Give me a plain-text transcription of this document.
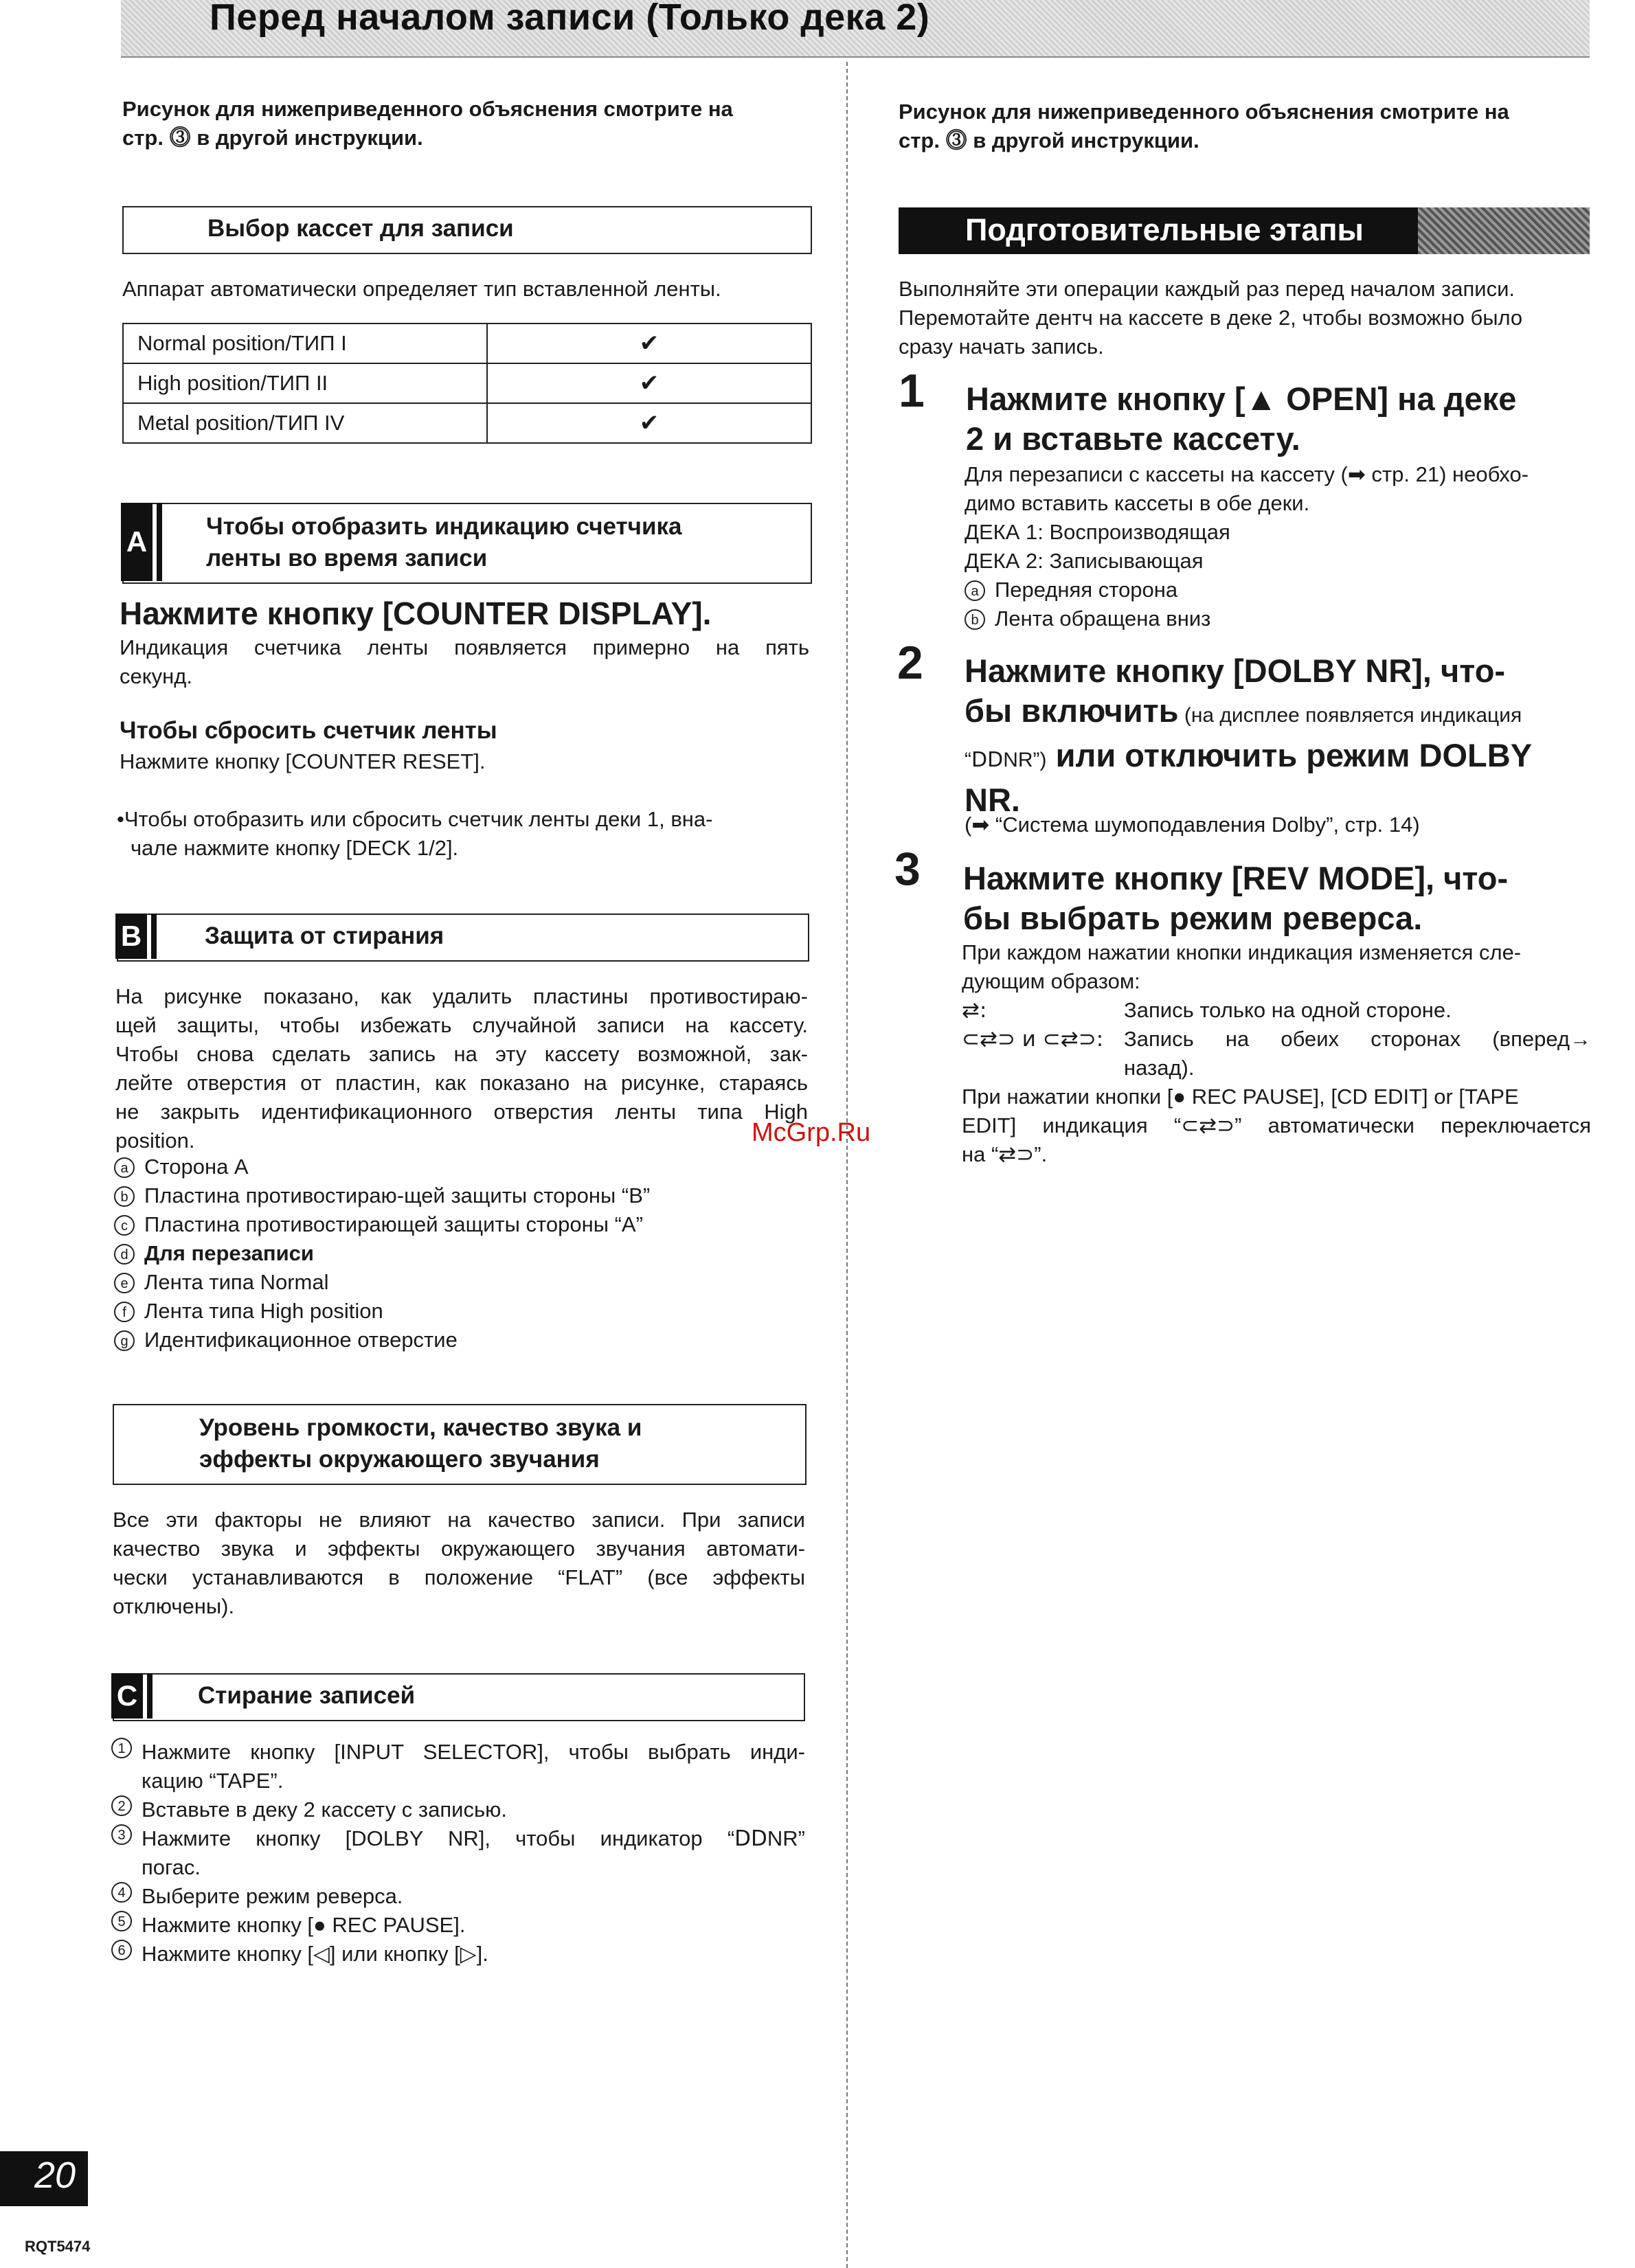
Перед началом записи (Только дека 2)
Рисунок для нижеприведенного объяснения смотрите на
стр. ⓷ в другой инструкции.
Выбор кассет для записи
Аппарат автоматически определяет тип вставленной ленты.
Normal position/ТИП I	✔
High position/ТИП II	✔
Metal position/ТИП IV	✔
A Чтобы отобразить индикацию счетчика
ленты во время записи
Нажмите кнопку [COUNTER DISPLAY].
Индикация счетчика ленты появляется примерно на пять
секунд.
Чтобы сбросить счетчик ленты
Нажмите кнопку [COUNTER RESET].
•Чтобы отобразить или сбросить счетчик ленты деки 1, вна-
чале нажмите кнопку [DECK 1/2].
B	Защита от стирания
На рисунке показано, как удалить пластины противостираю-
щей защиты, чтобы избежать случайной записи на кассету.
Чтобы снова сделать запись на эту кассету возможной, зак-
лейте отверстия от пластин, как показано на рисунке, стараясь
не закрыть идентификационного отверстия ленты типа High
position.
a Сторона A
b Пластина противостираю-щей защиты стороны “B”
c Пластина противостирающей защиты стороны “A”
d Для перезаписи
e Лента типа Normal
f Лента типа High position
g Идентификационное отверстие
Уровень громкости, качество звука и
эффекты окружающего звучания
Все эти факторы не влияют на качество записи. При записи
качество звука и эффекты окружающего звучания автомати-
чески устанавливаются в положение “FLAT” (все эффекты
отключены).
C	Стирание записей
1 Нажмите кнопку [INPUT SELECTOR], чтобы выбрать инди-
кацию “TAPE”.
2 Вставьте в деку 2 кассету с записью.
3 Нажмите кнопку [DOLBY NR], чтобы индикатор “ⅮⅮNR”
погас.
4 Выберите режим реверса.
5 Нажмите кнопку [● REC PAUSE].
6 Нажмите кнопку [◁] или кнопку [▷].
Рисунок для нижеприведенного объяснения смотрите на
стр. ⓷ в другой инструкции.
Подготовительные этапы
Выполняйте эти операции каждый раз перед началом записи.
Перемотайте дентч на кассете в деке 2, чтобы возможно было
сразу начать запись.
1 Нажмите кнопку [▲ OPEN] на деке
2 и вставьте кассету.
Для перезаписи с кассеты на кассету (➡ стр. 21) необхо-
димо вставить кассеты в обе деки.
ДЕКА 1: Воспроизводящая
ДЕКА 2: Записывающая
a Передняя сторона
b Лента обращена вниз
2 Нажмите кнопку [DOLBY NR], что-
бы включить (на дисплее появляется индикация
“ⅮⅮNR”) или отключить режим DOLBY
NR.
(➡ “Система шумоподавления Dolby”, стр. 14)
3 Нажмите кнопку [REV MODE], что-
бы выбрать режим реверса.
При каждом нажатии кнопки индикация изменяется сле-
дующим образом:
⇄:	Запись только на одной стороне.
⊂⇄⊃ и ⊂⇄⊃: Запись на обеих сторонах (вперед→
назад).
При нажатии кнопки [● REC PAUSE], [CD EDIT] or [TAPE
EDIT] индикация “⊂⇄⊃” автоматически переключается
на “⇄⊃”.
McGrp.Ru
20
RQT5474
